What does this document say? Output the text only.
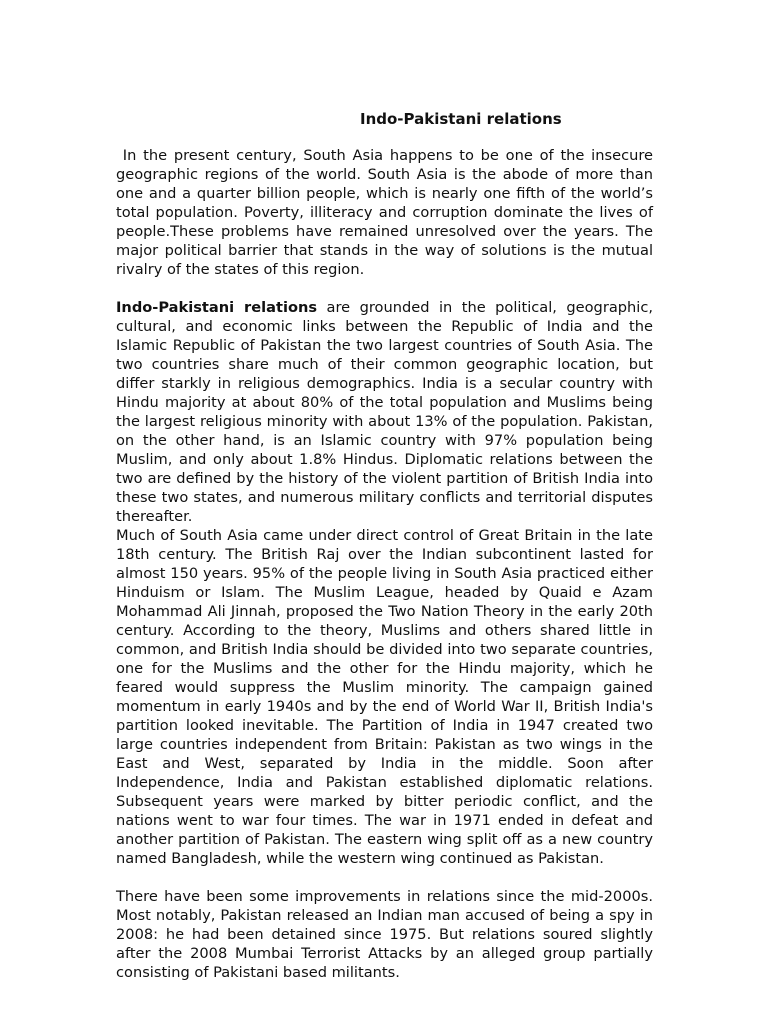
Indo-Pakistani relations

In the present century, South Asia happens to be one of the insecure geographic regions of the world. South Asia is the abode of more than one and a quarter billion people, which is nearly one fifth of the world’s total population. Poverty, illiteracy and corruption dominate the lives of people.These problems have remained unresolved over the years. The major political barrier that stands in the way of solutions is the mutual rivalry of the states of this region.

Indo-Pakistani relations are grounded in the political, geographic, cultural, and economic links between the Republic of India and the Islamic Republic of Pakistan the two largest countries of South Asia. The two countries share much of their common geographic location, but differ starkly in religious demographics. India is a secular country with Hindu majority at about 80% of the total population and Muslims being the largest religious minority with about 13% of the population. Pakistan, on the other hand, is an Islamic country with 97% population being Muslim, and only about 1.8% Hindus. Diplomatic relations between the two are defined by the history of the violent partition of British India into these two states, and numerous military conflicts and territorial disputes thereafter.

Much of South Asia came under direct control of Great Britain in the late 18th century. The British Raj over the Indian subcontinent lasted for almost 150 years. 95% of the people living in South Asia practiced either Hinduism or Islam. The Muslim League, headed by Quaid e Azam Mohammad Ali Jinnah, proposed the Two Nation Theory in the early 20th century. According to the theory, Muslims and others shared little in common, and British India should be divided into two separate countries, one for the Muslims and the other for the Hindu majority, which he feared would suppress the Muslim minority. The campaign gained momentum in early 1940s and by the end of World War II, British India's partition looked inevitable. The Partition of India in 1947 created two large countries independent from Britain: Pakistan as two wings in the East and West, separated by India in the middle. Soon after Independence, India and Pakistan established diplomatic relations. Subsequent years were marked by bitter periodic conflict, and the nations went to war four times. The war in 1971 ended in defeat and another partition of Pakistan. The eastern wing split off as a new country named Bangladesh, while the western wing continued as Pakistan.

There have been some improvements in relations since the mid-2000s. Most notably, Pakistan released an Indian man accused of being a spy in 2008: he had been detained since 1975. But relations soured slightly after the 2008 Mumbai Terrorist Attacks by an alleged group partially consisting of Pakistani based militants.
